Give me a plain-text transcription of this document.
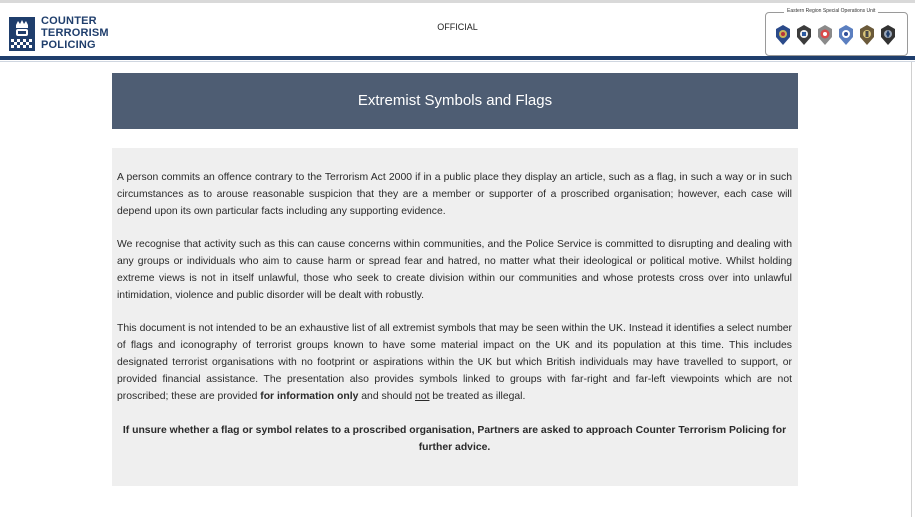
COUNTER
TERRORISM
POLICING
OFFICIAL
Eastern Region Special Operations Unit
Extremist Symbols and Flags

A person commits an offence contrary to the Terrorism Act 2000 if in a public place they display an article, such as a flag, in such a way or in such circumstances as to arouse reasonable suspicion that they are a member or supporter of a proscribed organisation; however, each case will depend upon its own particular facts including any supporting evidence.

We recognise that activity such as this can cause concerns within communities, and the Police Service is committed to disrupting and dealing with any groups or individuals who aim to cause harm or spread fear and hatred, no matter what their ideological or political motive. Whilst holding extreme views is not in itself unlawful, those who seek to create division within our communities and whose protests cross over into unlawful intimidation, violence and public disorder will be dealt with robustly.

This document is not intended to be an exhaustive list of all extremist symbols that may be seen within the UK. Instead it identifies a select number of flags and iconography of terrorist groups known to have some material impact on the UK and its population at this time. This includes designated terrorist organisations with no footprint or aspirations within the UK but which British individuals may have travelled to support, or provided financial assistance. The presentation also provides symbols linked to groups with far-right and far-left viewpoints which are not proscribed; these are provided for information only and should not be treated as illegal.

If unsure whether a flag or symbol relates to a proscribed organisation, Partners are asked to approach Counter Terrorism Policing for further advice.
